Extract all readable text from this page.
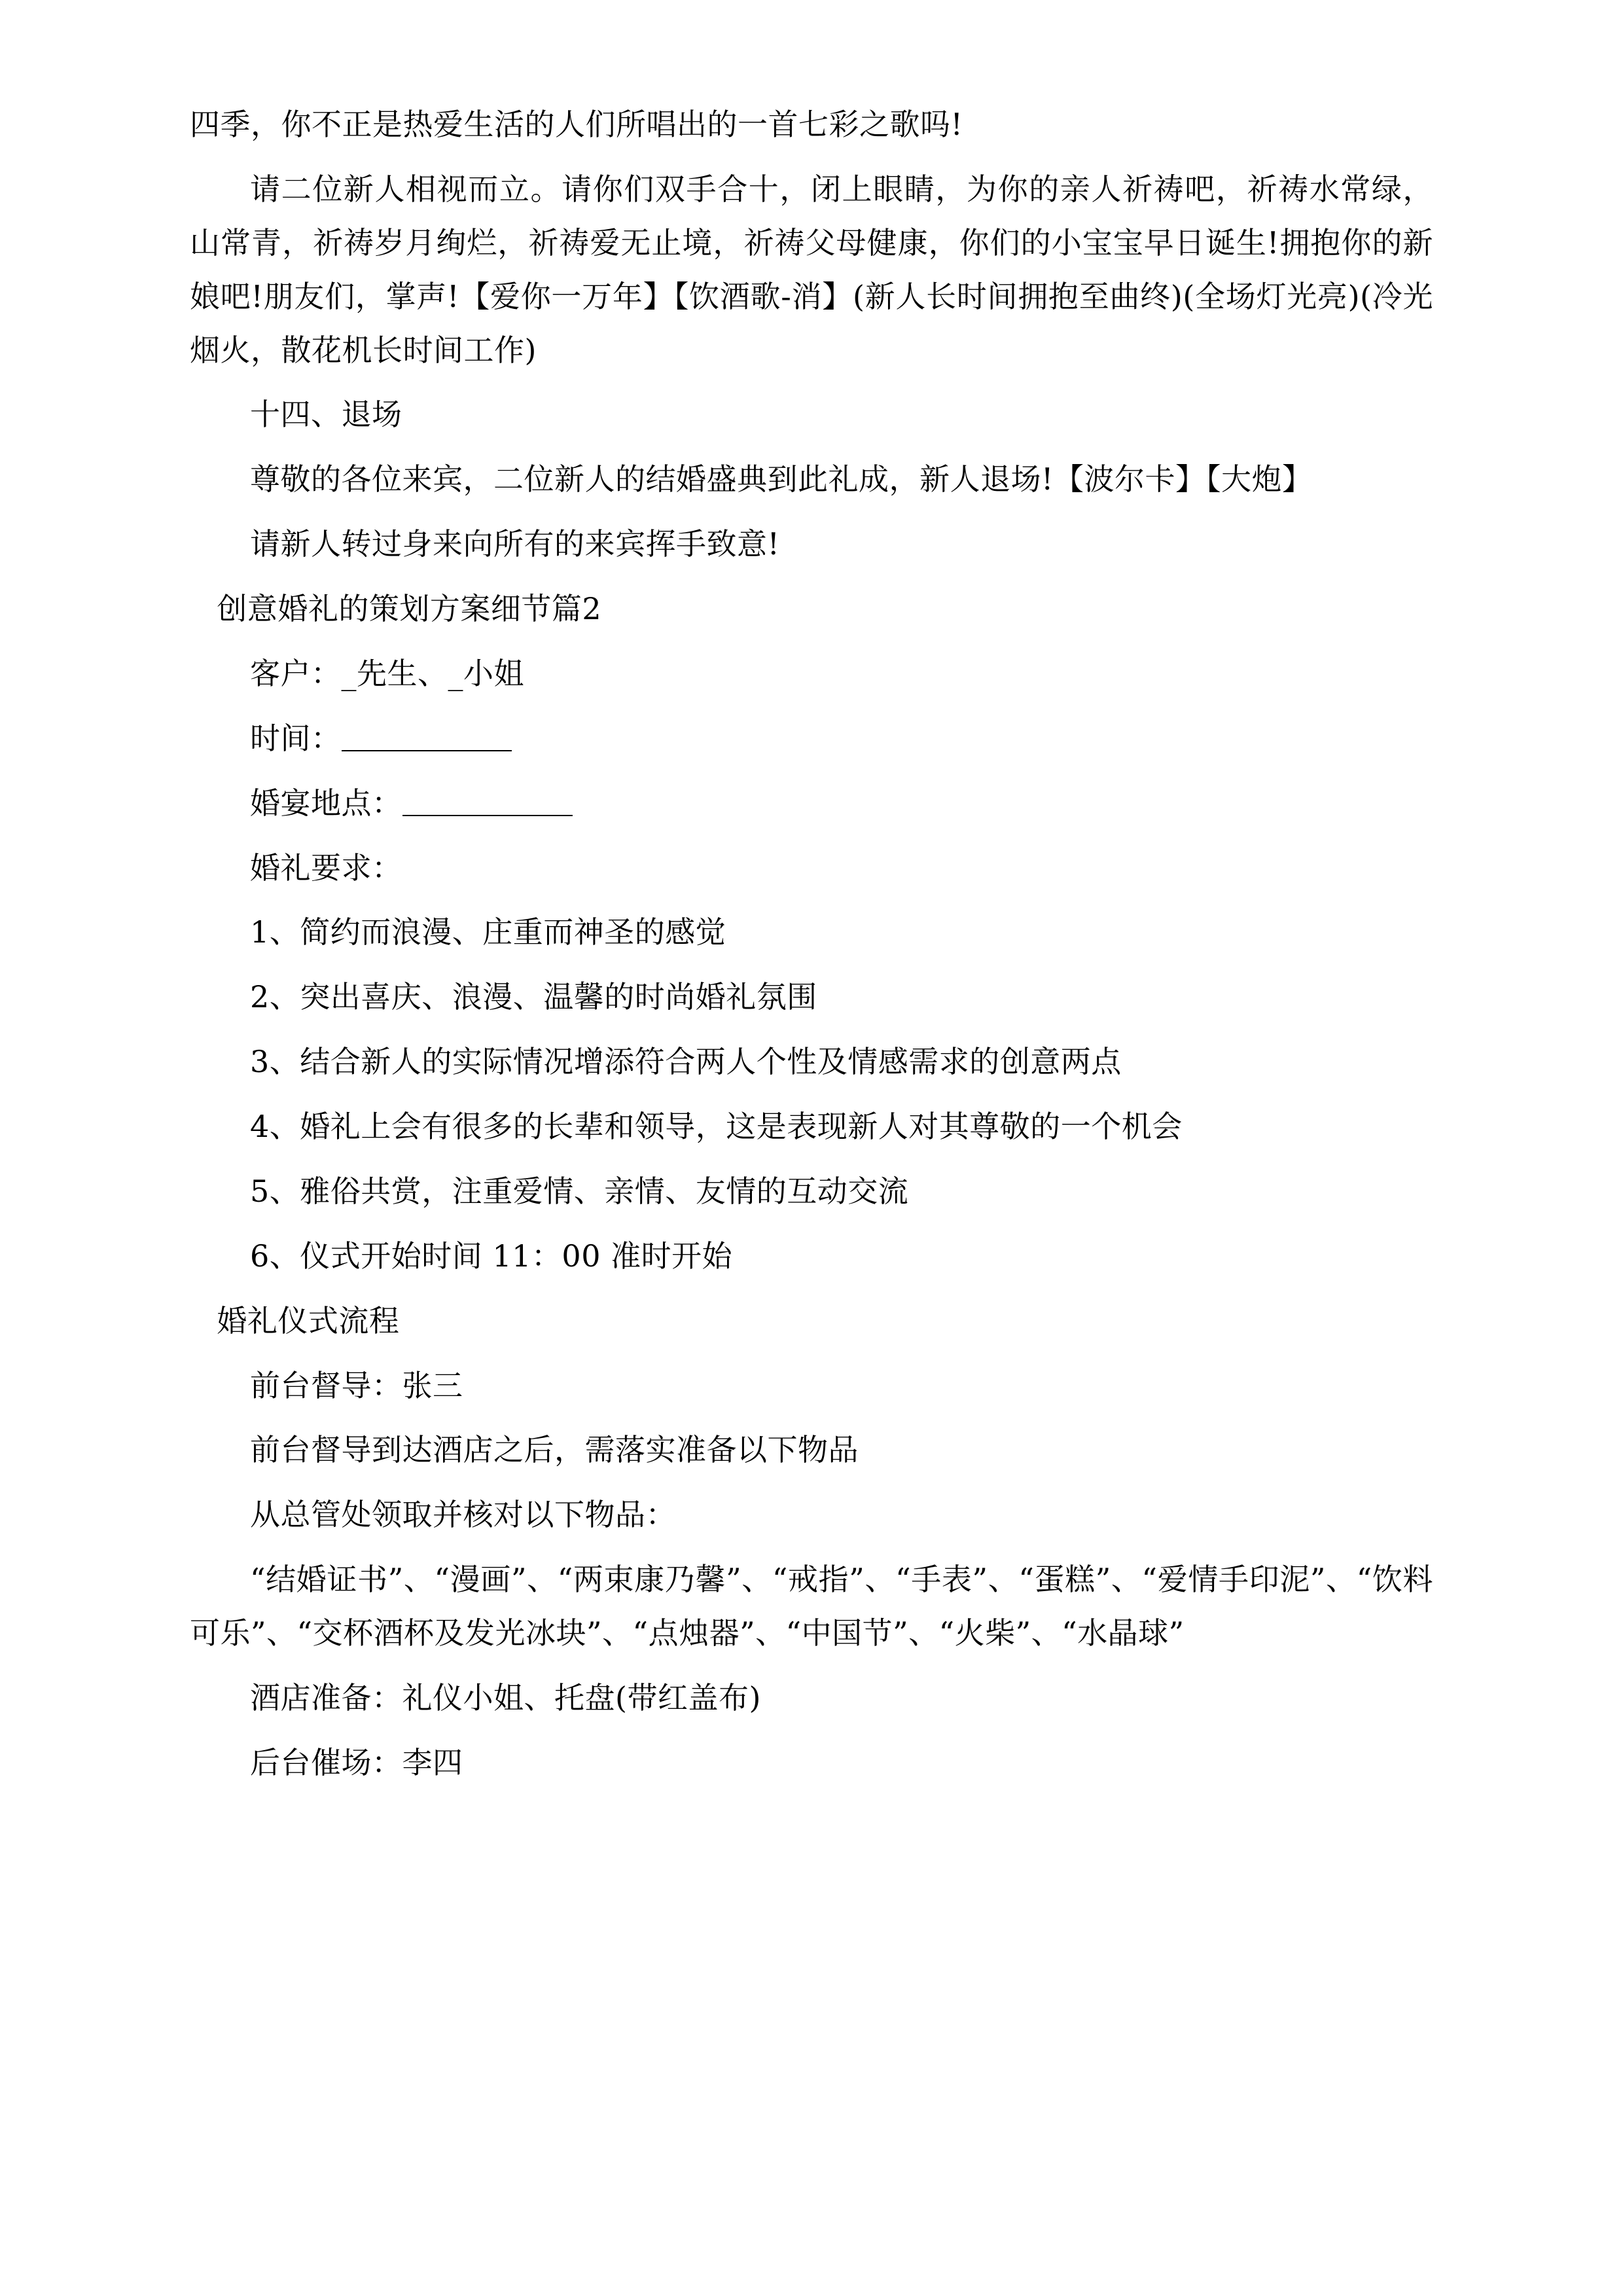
四季，你不正是热爱生活的人们所唱出的一首七彩之歌吗!

请二位新人相视而立。请你们双手合十，闭上眼睛，为你的亲人祈祷吧，祈祷水常绿，山常青，祈祷岁月绚烂，祈祷爱无止境，祈祷父母健康，你们的小宝宝早日诞生!拥抱你的新娘吧!朋友们，掌声!【爱你一万年】【饮酒歌-消】(新人长时间拥抱至曲终)(全场灯光亮)(冷光烟火，散花机长时间工作)

十四、退场

尊敬的各位来宾，二位新人的结婚盛典到此礼成，新人退场!【波尔卡】【大炮】

请新人转过身来向所有的来宾挥手致意!

创意婚礼的策划方案细节篇2

客户：_先生、_小姐

时间：

婚宴地点：

婚礼要求：

1、简约而浪漫、庄重而神圣的感觉

2、突出喜庆、浪漫、温馨的时尚婚礼氛围

3、结合新人的实际情况增添符合两人个性及情感需求的创意两点

4、婚礼上会有很多的长辈和领导，这是表现新人对其尊敬的一个机会

5、雅俗共赏，注重爱情、亲情、友情的互动交流

6、仪式开始时间 11：00 准时开始

婚礼仪式流程

前台督导：张三

前台督导到达酒店之后，需落实准备以下物品

从总管处领取并核对以下物品：

“结婚证书”、“漫画”、“两束康乃馨”、“戒指”、“手表”、“蛋糕”、“爱情手印泥”、“饮料可乐”、“交杯酒杯及发光冰块”、“点烛器”、“中国节”、“火柴”、“水晶球”

酒店准备：礼仪小姐、托盘(带红盖布)

后台催场：李四
